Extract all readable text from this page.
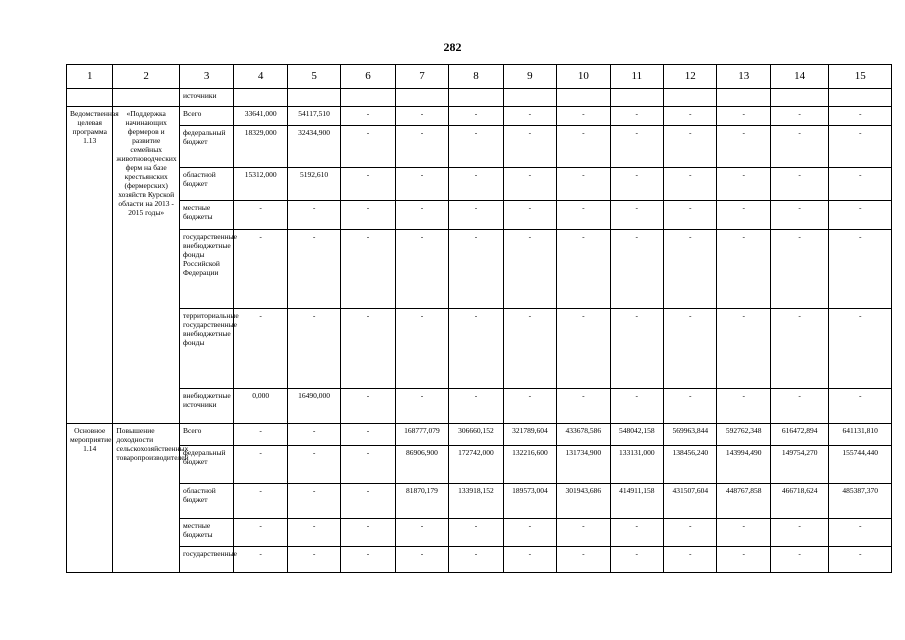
282
1	2	3	4	5	6	7	8	9	10	11	12	13	14	15
		источники												
Ведомственная целевая программа 1.13	«Поддержка начинающих фермеров и развитие семейных животноводческих ферм на базе крестьянских (фермерских) хозяйств Курской области на 2013 - 2015 годы»	Всего	33641,000	54117,510	-	-	-	-	-	-	-	-	-	-
		федеральный бюджет	18329,000	32434,900	-	-	-	-	-	-	-	-	-	-
		областной бюджет	15312,000	5192,610	-	-	-	-	-	-	-	-	-	-
		местные бюджеты	-	-	-	-	-	-	-	-	-	-	-	-
		государственные внебюджетные фонды Российской Федерации	-	-	-	-	-	-	-	-	-	-	-	-
		территориальные государственные внебюджетные фонды	-	-	-	-	-	-	-	-	-	-	-	-
		внебюджетные источники	0,000	16490,000	-	-	-	-	-	-	-	-	-	-
Основное мероприятие 1.14	Повышение доходности сельскохозяйственных товаропроизводителей	Всего	-	-	-	168777,079	306660,152	321789,604	433678,586	548042,158	569963,844	592762,348	616472,894	641131,810
		федеральный бюджет	-	-	-	86906,900	172742,000	132216,600	131734,900	133131,000	138456,240	143994,490	149754,270	155744,440
		областной бюджет	-	-	-	81870,179	133918,152	189573,004	301943,686	414911,158	431507,604	448767,858	466718,624	485387,370
		местные бюджеты	-	-	-	-	-	-	-	-	-	-	-	-
		государственные	-	-	-	-	-	-	-	-	-	-	-	-
